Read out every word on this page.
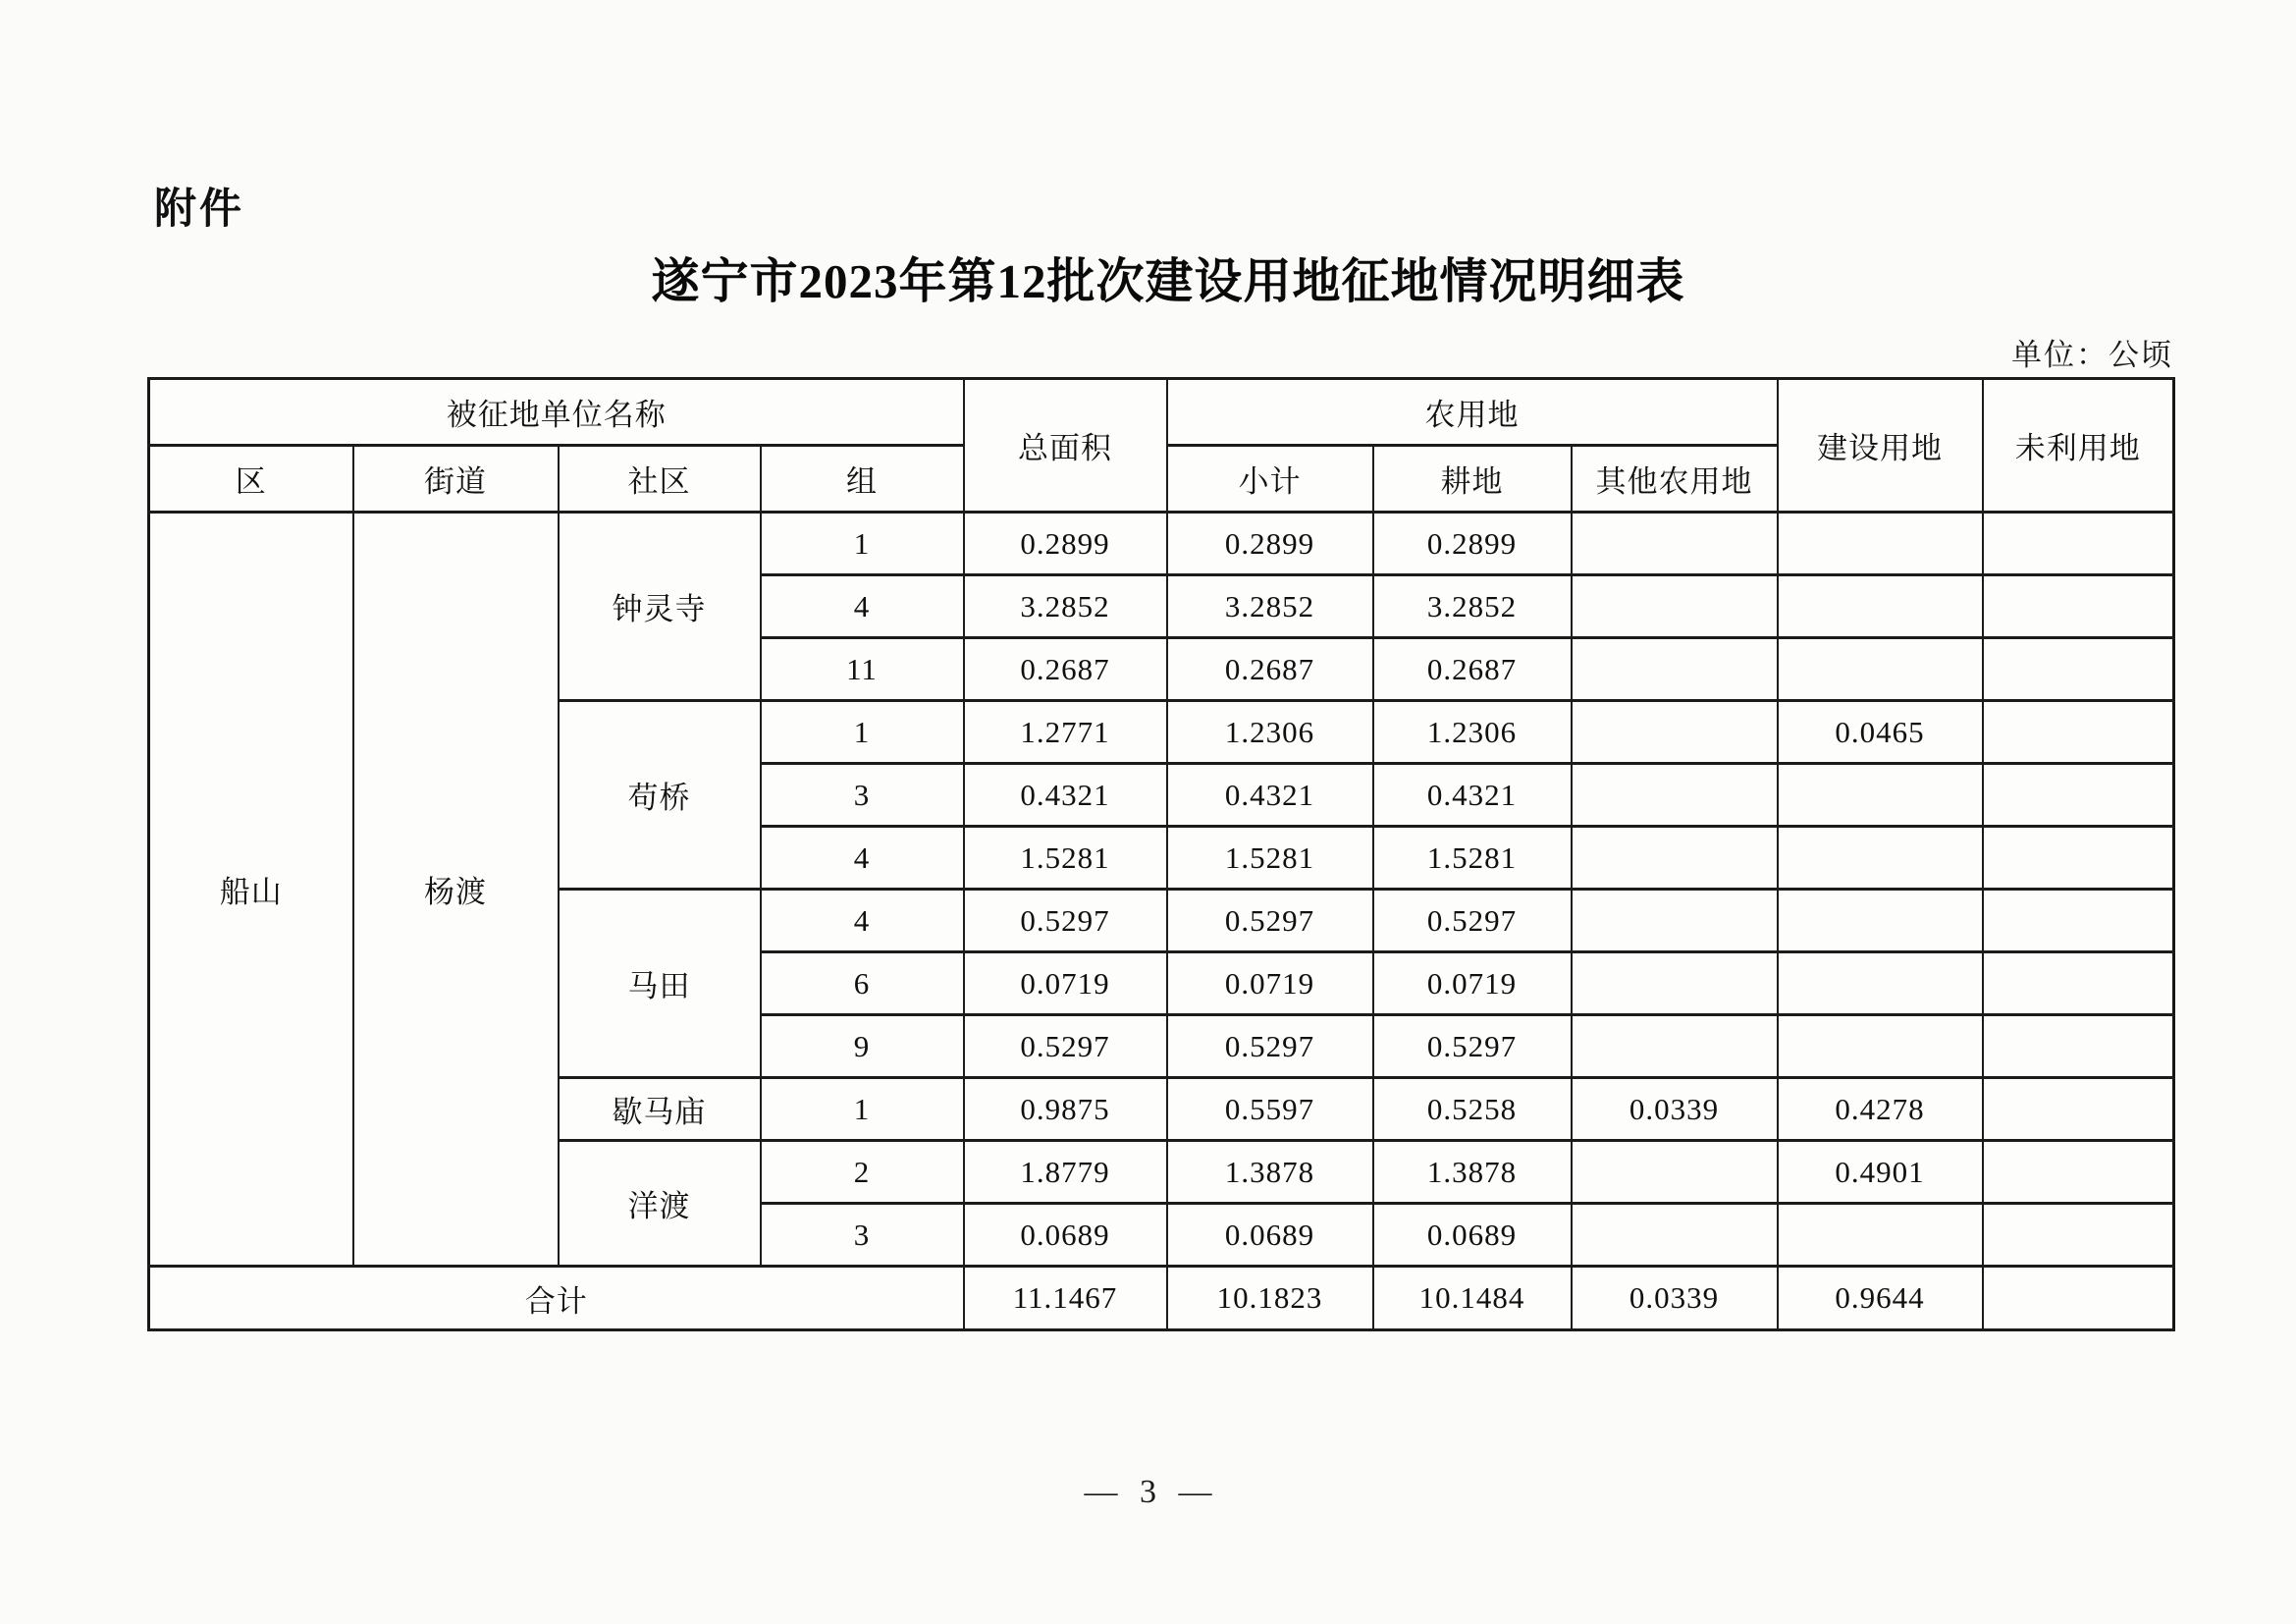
附件
遂宁市2023年第12批次建设用地征地情况明细表
单位：公顷
被征地单位名称				总面积	农用地			建设用地	未利用地
区	街道	社区	组		小计	耕地	其他农用地		
船山	杨渡	钟灵寺	1	0.2899	0.2899	0.2899			
			4	3.2852	3.2852	3.2852			
			11	0.2687	0.2687	0.2687			
		苟桥	1	1.2771	1.2306	1.2306		0.0465	
			3	0.4321	0.4321	0.4321			
			4	1.5281	1.5281	1.5281			
		马田	4	0.5297	0.5297	0.5297			
			6	0.0719	0.0719	0.0719			
			9	0.5297	0.5297	0.5297			
		歇马庙	1	0.9875	0.5597	0.5258	0.0339	0.4278	
		洋渡	2	1.8779	1.3878	1.3878		0.4901	
			3	0.0689	0.0689	0.0689			
合计				11.1467	10.1823	10.1484	0.0339	0.9644	
— 3 —
